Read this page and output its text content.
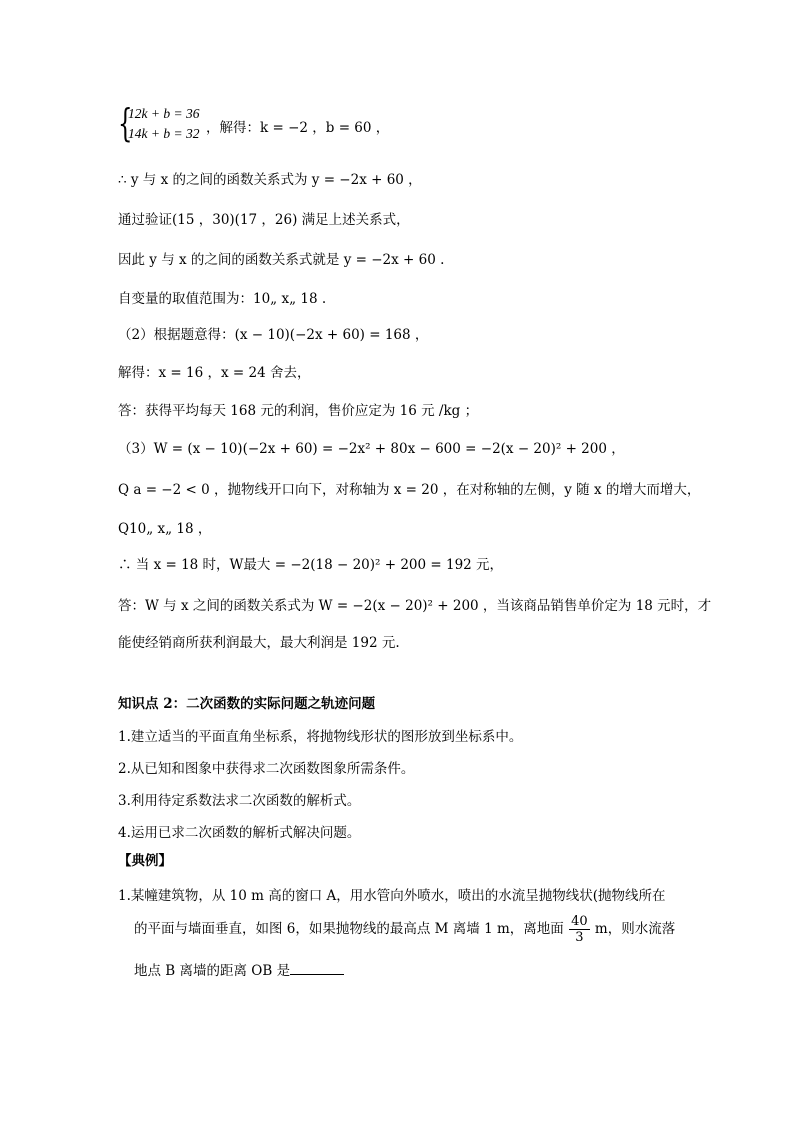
{
12k + b = 36
14k + b = 32 ，解得：k = −2 ，b = 60 ，
∴ y 与 x 的之间的函数关系式为 y = −2x + 60 ，
通过验证(15 ，30)(17 ，26) 满足上述关系式，
因此 y 与 x 的之间的函数关系式就是 y = −2x + 60 .
自变量的取值范围为：10„ x„ 18 .
（2）根据题意得：(x − 10)(−2x + 60) = 168 ，
解得：x = 16 ，x = 24 舍去，
答：获得平均每天 168 元的利润，售价应定为 16 元 /kg ；
（3）W = (x − 10)(−2x + 60) = −2x² + 80x − 600 = −2(x − 20)² + 200 ，
Q a = −2 < 0 ，抛物线开口向下，对称轴为 x = 20 ，在对称轴的左侧，y 随 x 的增大而增大，
Q10„ x„ 18 ，
∴ 当 x = 18 时，W最大 = −2(18 − 20)² + 200 = 192 元，
答：W 与 x 之间的函数关系式为 W = −2(x − 20)² + 200 ，当该商品销售单价定为 18 元时，才
能使经销商所获利润最大，最大利润是 192 元.
知识点 2：二次函数的实际问题之轨迹问题
1.建立适当的平面直角坐标系，将抛物线形状的图形放到坐标系中。
2.从已知和图象中获得求二次函数图象所需条件。
3.利用待定系数法求二次函数的解析式。
4.运用已求二次函数的解析式解决问题。
【典例】
1.某幢建筑物，从 10 m 高的窗口 A，用水管向外喷水，喷出的水流呈抛物线状(抛物线所在
的平面与墙面垂直，如图 6，如果抛物线的最高点 M 离墙 1 m，离地面 $\frac{40}{3}$ m，则水流落
地点 B 离墙的距离 OB 是
